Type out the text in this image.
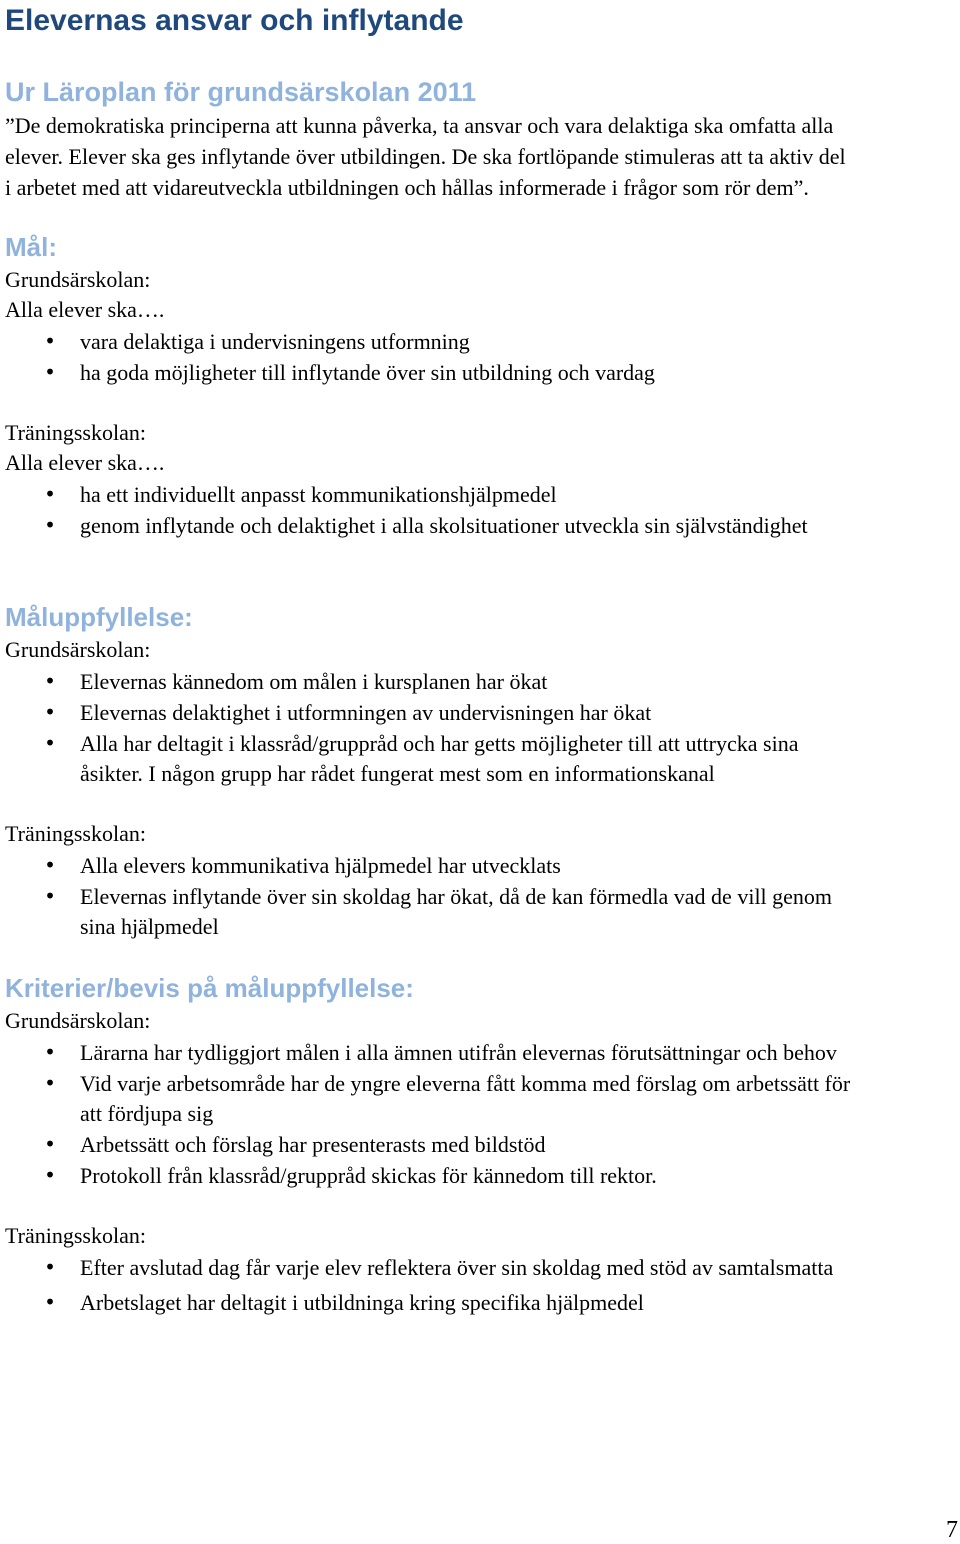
Elevernas ansvar och inflytande
Ur Läroplan för grundsärskolan 2011
”De demokratiska principerna att kunna påverka, ta ansvar och vara delaktiga ska omfatta alla
elever. Elever ska ges inflytande över utbildingen. De ska fortlöpande stimuleras att ta aktiv del
i arbetet med att vidareutveckla utbildningen och hållas informerade i frågor som rör dem”.
Mål:
Grundsärskolan:
Alla elever ska….
• vara delaktiga i undervisningens utformning
• ha goda möjligheter till inflytande över sin utbildning och vardag
Träningsskolan:
Alla elever ska….
• ha ett individuellt anpasst kommunikationshjälpmedel
• genom inflytande och delaktighet i alla skolsituationer utveckla sin självständighet
Måluppfyllelse:
Grundsärskolan:
• Elevernas kännedom om målen i kursplanen har ökat
• Elevernas delaktighet i utformningen av undervisningen har ökat
• Alla har deltagit i klassråd/gruppråd och har getts möjligheter till att uttrycka sina
åsikter. I någon grupp har rådet fungerat mest som en informationskanal
Träningsskolan:
• Alla elevers kommunikativa hjälpmedel har utvecklats
• Elevernas inflytande över sin skoldag har ökat, då de kan förmedla vad de vill genom
sina hjälpmedel
Kriterier/bevis på måluppfyllelse:
Grundsärskolan:
• Lärarna har tydliggjort målen i alla ämnen utifrån elevernas förutsättningar och behov
• Vid varje arbetsområde har de yngre eleverna fått komma med förslag om arbetssätt för
att fördjupa sig
• Arbetssätt och förslag har presenterasts med bildstöd
• Protokoll från klassråd/gruppråd skickas för kännedom till rektor.
Träningsskolan:
• Efter avslutad dag får varje elev reflektera över sin skoldag med stöd av samtalsmatta
• Arbetslaget har deltagit i utbildninga kring specifika hjälpmedel
7
